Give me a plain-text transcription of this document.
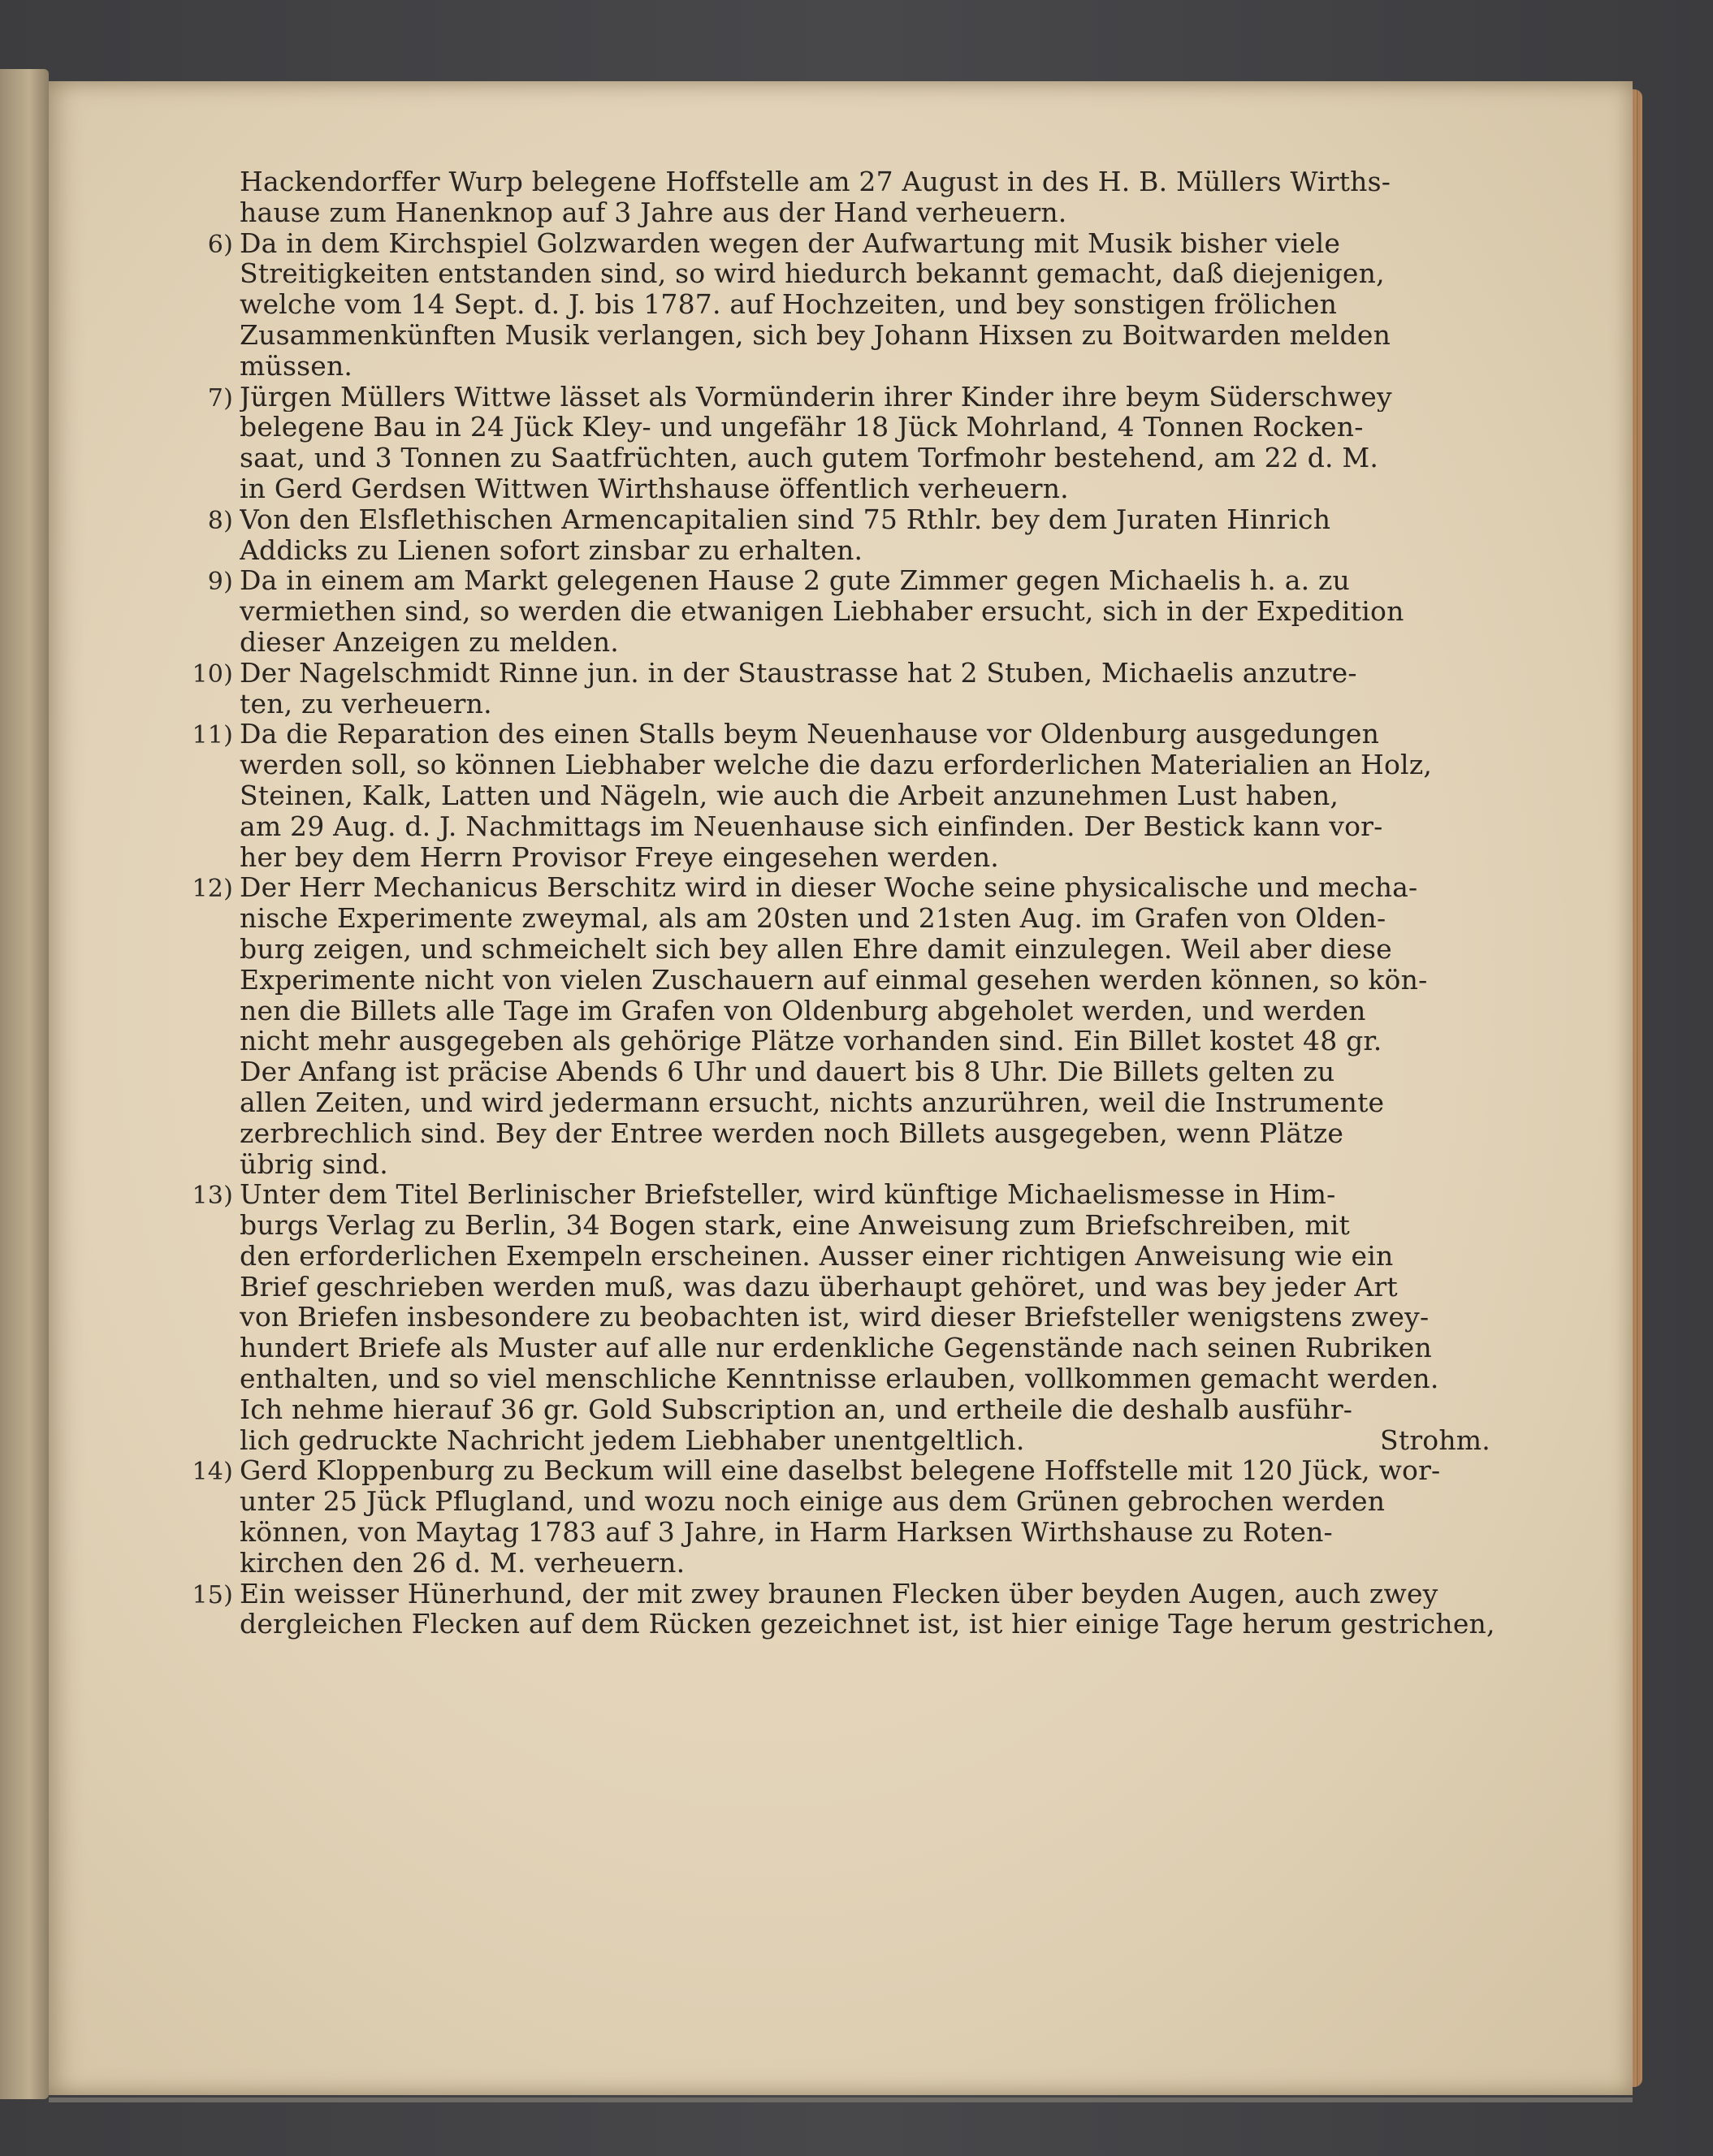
Hackendorffer Wurp belegene Hoffstelle am 27 August in des H. B. Müllers Wirths-
hause zum Hanenknop auf 3 Jahre aus der Hand verheuern.
6) Da in dem Kirchspiel Golzwarden wegen der Aufwartung mit Musik bisher viele
Streitigkeiten entstanden sind, so wird hiedurch bekannt gemacht, daß diejenigen,
welche vom 14 Sept. d. J. bis 1787. auf Hochzeiten, und bey sonstigen frölichen
Zusammenkünften Musik verlangen, sich bey Johann Hixsen zu Boitwarden melden
müssen.
7) Jürgen Müllers Wittwe lässet als Vormünderin ihrer Kinder ihre beym Süderschwey
belegene Bau in 24 Jück Kley- und ungefähr 18 Jück Mohrland, 4 Tonnen Rocken-
saat, und 3 Tonnen zu Saatfrüchten, auch gutem Torfmohr bestehend, am 22 d. M.
in Gerd Gerdsen Wittwen Wirthshause öffentlich verheuern.
8) Von den Elsflethischen Armencapitalien sind 75 Rthlr. bey dem Juraten Hinrich
Addicks zu Lienen sofort zinsbar zu erhalten.
9) Da in einem am Markt gelegenen Hause 2 gute Zimmer gegen Michaelis h. a. zu
vermiethen sind, so werden die etwanigen Liebhaber ersucht, sich in der Expedition
dieser Anzeigen zu melden.
10) Der Nagelschmidt Rinne jun. in der Staustrasse hat 2 Stuben, Michaelis anzutre-
ten, zu verheuern.
11) Da die Reparation des einen Stalls beym Neuenhause vor Oldenburg ausgedungen
werden soll, so können Liebhaber welche die dazu erforderlichen Materialien an Holz,
Steinen, Kalk, Latten und Nägeln, wie auch die Arbeit anzunehmen Lust haben,
am 29 Aug. d. J. Nachmittags im Neuenhause sich einfinden. Der Bestick kann vor-
her bey dem Herrn Provisor Freye eingesehen werden.
12) Der Herr Mechanicus Berschitz wird in dieser Woche seine physicalische und mecha-
nische Experimente zweymal, als am 20sten und 21sten Aug. im Grafen von Olden-
burg zeigen, und schmeichelt sich bey allen Ehre damit einzulegen. Weil aber diese
Experimente nicht von vielen Zuschauern auf einmal gesehen werden können, so kön-
nen die Billets alle Tage im Grafen von Oldenburg abgeholet werden, und werden
nicht mehr ausgegeben als gehörige Plätze vorhanden sind. Ein Billet kostet 48 gr.
Der Anfang ist präcise Abends 6 Uhr und dauert bis 8 Uhr. Die Billets gelten zu
allen Zeiten, und wird jedermann ersucht, nichts anzurühren, weil die Instrumente
zerbrechlich sind. Bey der Entree werden noch Billets ausgegeben, wenn Plätze
übrig sind.
13) Unter dem Titel Berlinischer Briefsteller, wird künftige Michaelismesse in Him-
burgs Verlag zu Berlin, 34 Bogen stark, eine Anweisung zum Briefschreiben, mit
den erforderlichen Exempeln erscheinen. Ausser einer richtigen Anweisung wie ein
Brief geschrieben werden muß, was dazu überhaupt gehöret, und was bey jeder Art
von Briefen insbesondere zu beobachten ist, wird dieser Briefsteller wenigstens zwey-
hundert Briefe als Muster auf alle nur erdenkliche Gegenstände nach seinen Rubriken
enthalten, und so viel menschliche Kenntnisse erlauben, vollkommen gemacht werden.
Ich nehme hierauf 36 gr. Gold Subscription an, und ertheile die deshalb ausführ-
lich gedruckte Nachricht jedem Liebhaber unentgeltlich.	Strohm.
14) Gerd Kloppenburg zu Beckum will eine daselbst belegene Hoffstelle mit 120 Jück, wor-
unter 25 Jück Pflugland, und wozu noch einige aus dem Grünen gebrochen werden
können, von Maytag 1783 auf 3 Jahre, in Harm Harksen Wirthshause zu Roten-
kirchen den 26 d. M. verheuern.
15) Ein weisser Hünerhund, der mit zwey braunen Flecken über beyden Augen, auch zwey
dergleichen Flecken auf dem Rücken gezeichnet ist, ist hier einige Tage herum gestrichen,
